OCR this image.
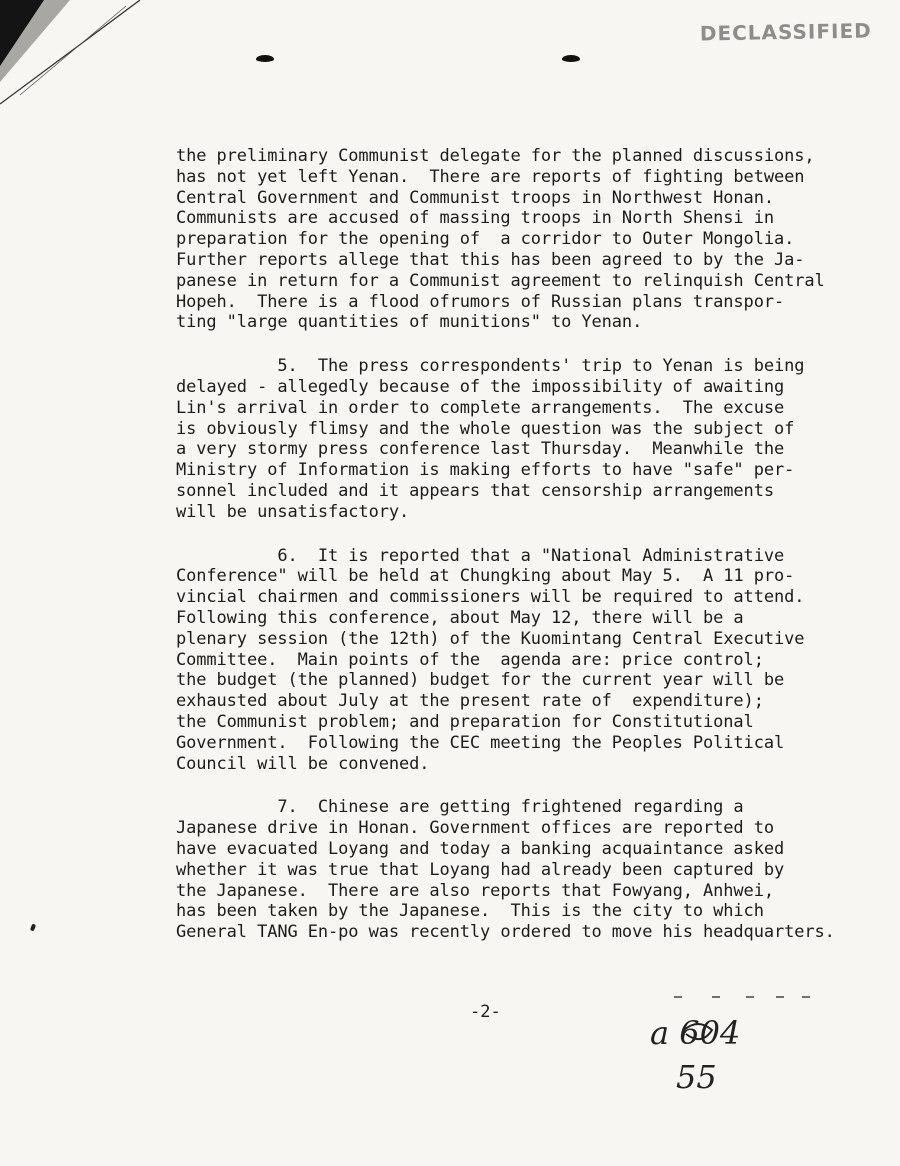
DECLASSIFIED
the preliminary Communist delegate for the planned discussions,
has not yet left Yenan.  There are reports of fighting between
Central Government and Communist troops in Northwest Honan.
Communists are accused of massing troops in North Shensi in
preparation for the opening of  a corridor to Outer Mongolia.
Further reports allege that this has been agreed to by the Ja-
panese in return for a Communist agreement to relinquish Central
Hopeh.  There is a flood ofrumors of Russian plans transpor-
ting "large quantities of munitions" to Yenan.
5.  The press correspondents' trip to Yenan is being
delayed - allegedly because of the impossibility of awaiting
Lin's arrival in order to complete arrangements.  The excuse
is obviously flimsy and the whole question was the subject of
a very stormy press conference last Thursday.  Meanwhile the
Ministry of Information is making efforts to have "safe" per-
sonnel included and it appears that censorship arrangements
will be unsatisfactory.
6.  It is reported that a "National Administrative
Conference" will be held at Chungking about May 5.  A 11 pro-
vincial chairmen and commissioners will be required to attend.
Following this conference, about May 12, there will be a
plenary session (the 12th) of the Kuomintang Central Executive
Committee.  Main points of the  agenda are: price control;
the budget (the planned) budget for the current year will be
exhausted about July at the present rate of  expenditure);
the Communist problem; and preparation for Constitutional
Government.  Following the CEC meeting the Peoples Political
Council will be convened.
7.  Chinese are getting frightened regarding a
Japanese drive in Honan. Government offices are reported to
have evacuated Loyang and today a banking acquaintance asked
whether it was true that Loyang had already been captured by
the Japanese.  There are also reports that Fowyang, Anhwei,
has been taken by the Japanese.  This is the city to which
General TANG En-po was recently ordered to move his headquarters.
-2-
a 604
55
